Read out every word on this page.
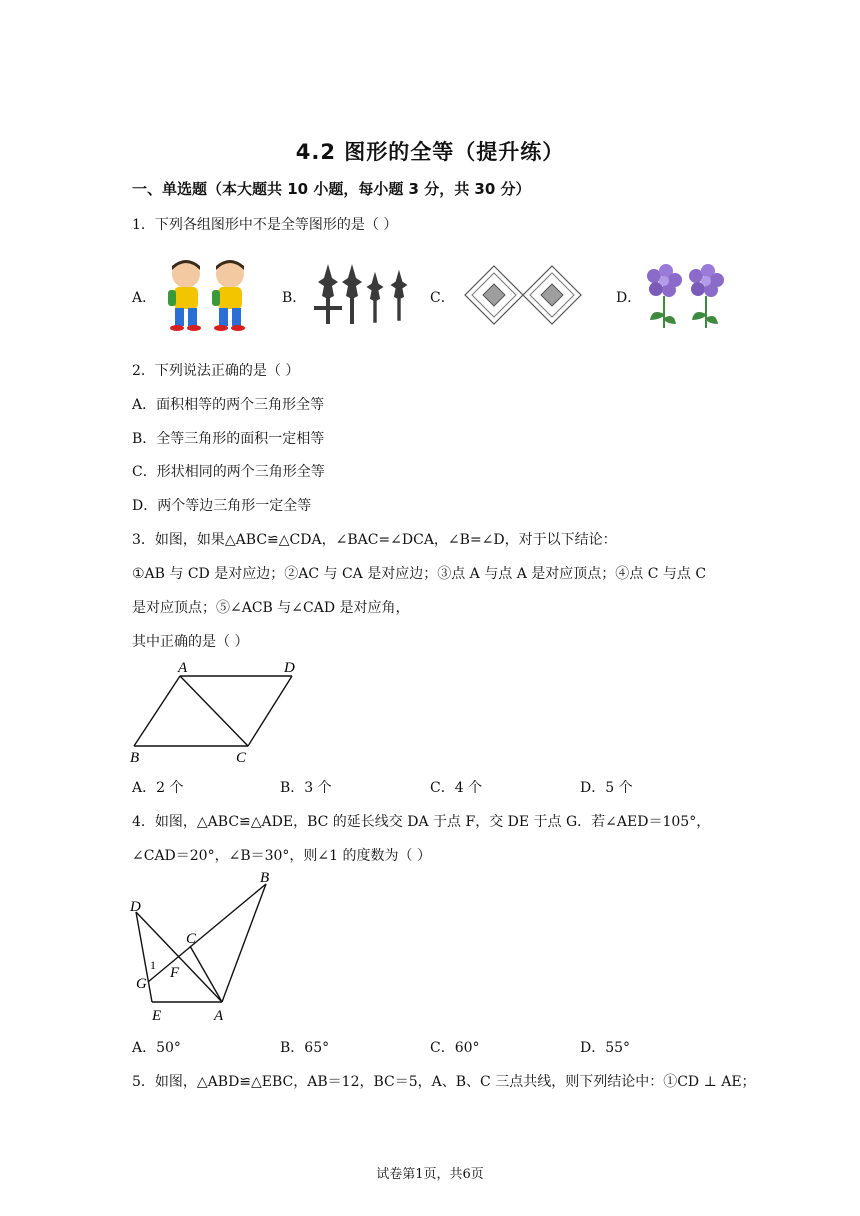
4.2 图形的全等（提升练）
一、单选题（本大题共 10 小题，每小题 3 分，共 30 分）
1．下列各组图形中不是全等图形的是（ ）
A．	B．	C．	D．
2．下列说法正确的是（ ）
A．面积相等的两个三角形全等
B．全等三角形的面积一定相等
C．形状相同的两个三角形全等
D．两个等边三角形一定全等
3．如图，如果△ABC≌△CDA，∠BAC=∠DCA，∠B=∠D，对于以下结论：
①AB 与 CD 是对应边；②AC 与 CA 是对应边；③点 A 与点 A 是对应顶点；④点 C 与点 C
是对应顶点；⑤∠ACB 与∠CAD 是对应角，
其中正确的是（ ）
A	D
B	C
A．2 个	B．3 个	C．4 个	D．5 个
4．如图，△ABC≌△ADE，BC 的延长线交 DA 于点 F，交 DE 于点 G．若∠AED＝105°，
∠CAD＝20°，∠B＝30°，则∠1 的度数为（ ）
B
D
C
1 F
G
E	A
A．50°	B．65°	C．60°	D．55°
5．如图，△ABD≌△EBC，AB＝12，BC＝5，A、B、C 三点共线，则下列结论中：①CD ⊥ AE；
试卷第1页，共6页
